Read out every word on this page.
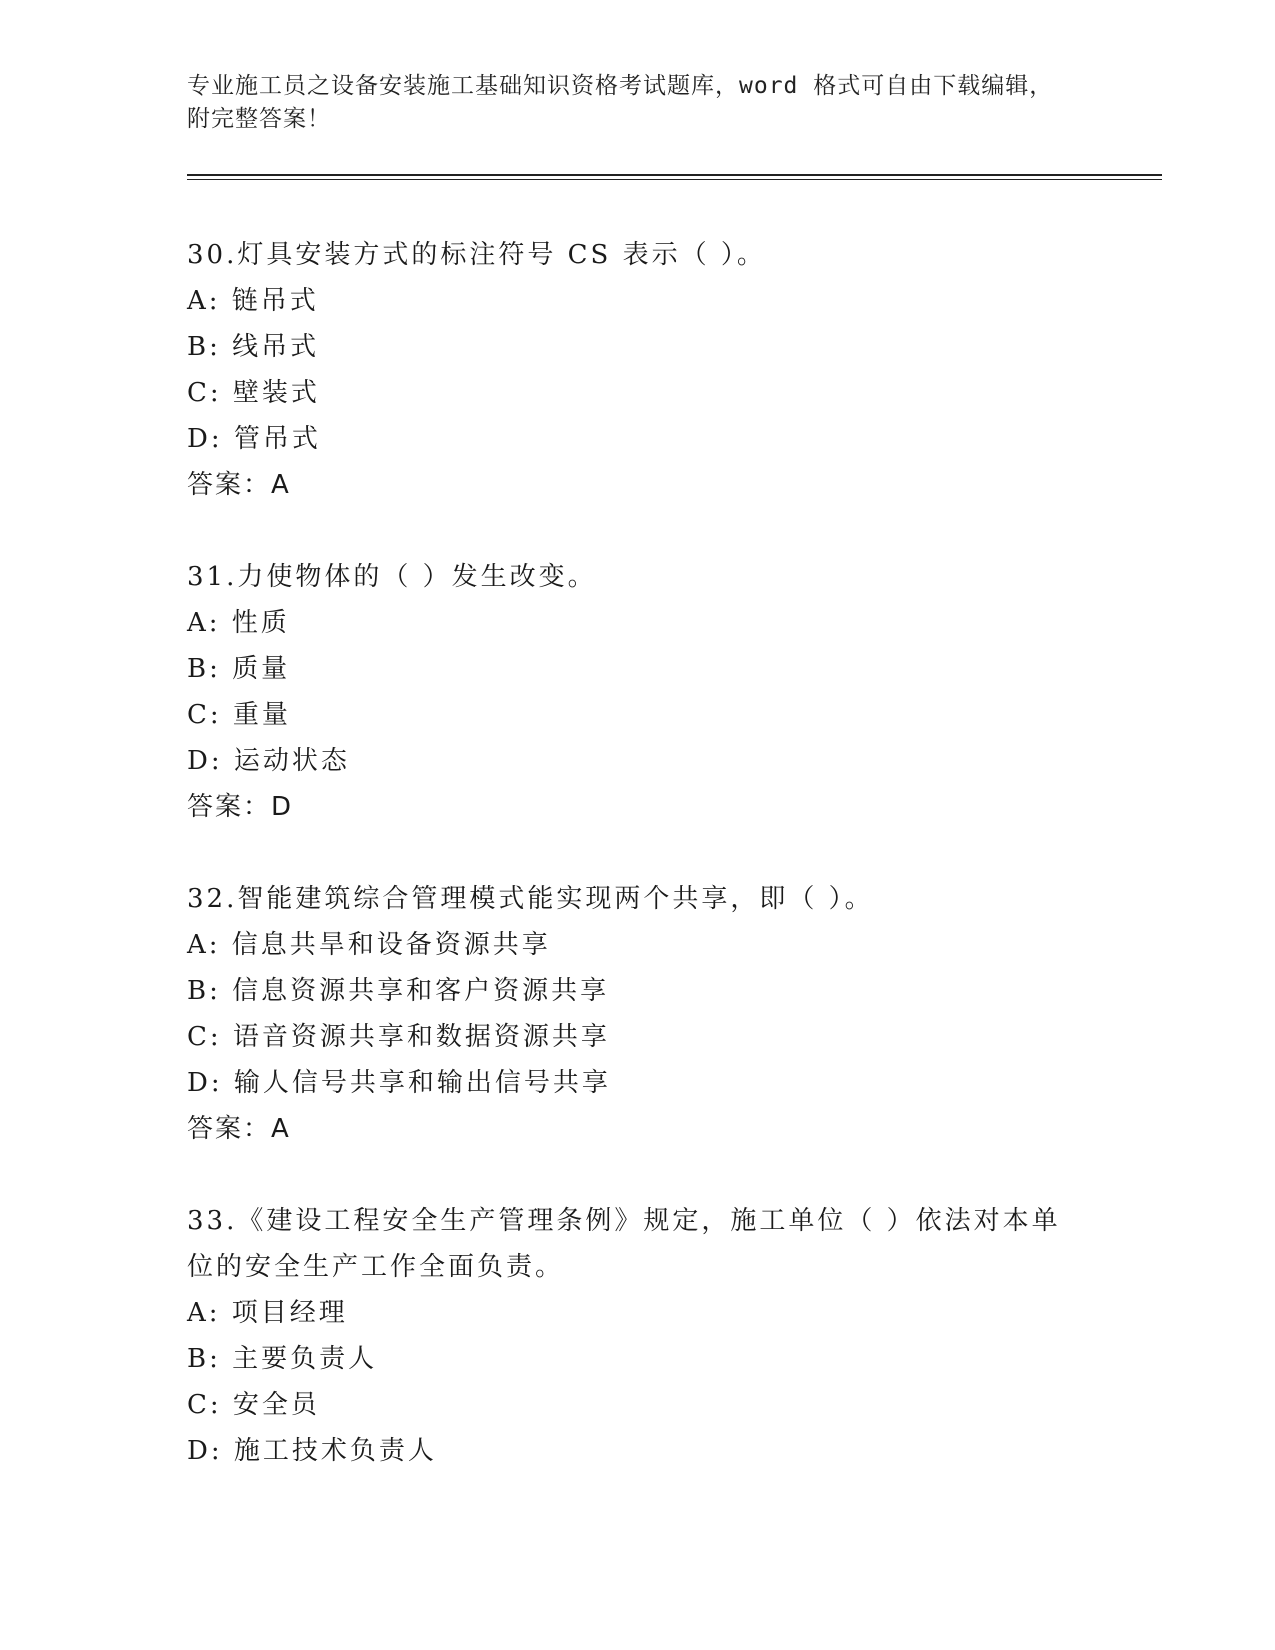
专业施工员之设备安装施工基础知识资格考试题库，word 格式可自由下载编辑，
附完整答案！

30.灯具安装方式的标注符号 CS 表示（ ）。

A: 链吊式

B: 线吊式

C: 壁装式

D: 管吊式

答案：A

31.力使物体的（ ）发生改变。

A: 性质

B: 质量

C: 重量

D: 运动状态

答案：D

32.智能建筑综合管理模式能实现两个共享，即（ ）。

A: 信息共旱和设备资源共享

B: 信息资源共享和客户资源共享

C: 语音资源共享和数据资源共享

D: 输人信号共享和输出信号共享

答案：A

33.《建设工程安全生产管理条例》规定，施工单位（ ）依法对本单位的安全生产工作全面负责。

A: 项目经理

B: 主要负责人

C: 安全员

D: 施工技术负责人
